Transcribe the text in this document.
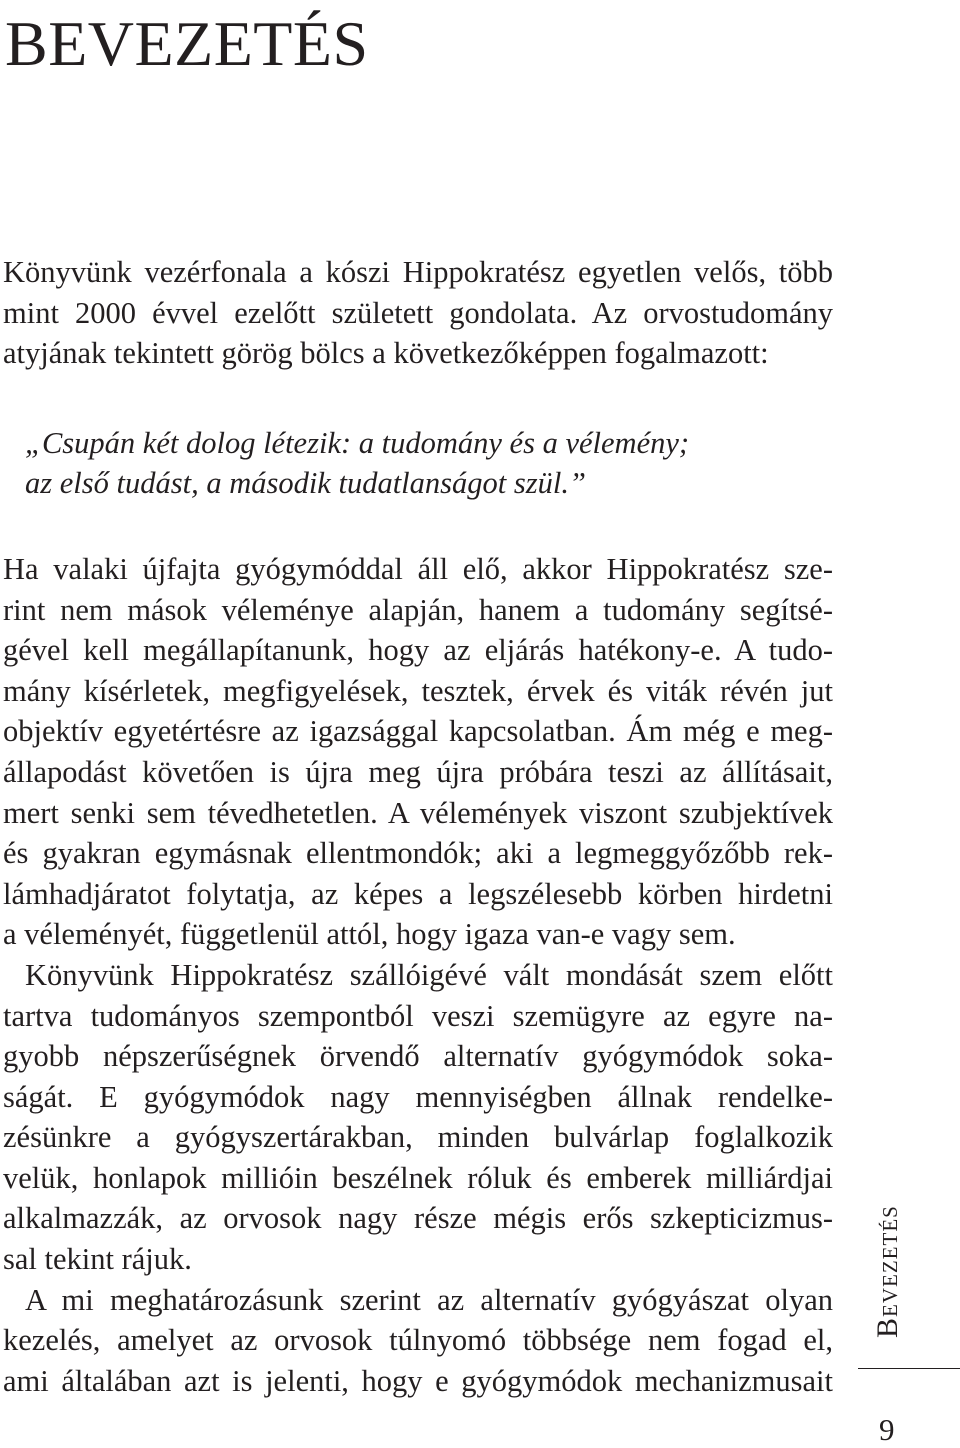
BEVEZETÉS

Könyvünk vezérfonala a kószi Hippokratész egyetlen velős, több
mint 2000 évvel ezelőtt született gondolata. Az orvostudomány
atyjának tekintett görög bölcs a következőképpen fogalmazott:

„Csupán két dolog létezik: a tudomány és a vélemény;
az első tudást, a második tudatlanságot szül.”

Ha valaki újfajta gyógymóddal áll elő, akkor Hippokratész sze-
rint nem mások véleménye alapján, hanem a tudomány segítsé-
gével kell megállapítanunk, hogy az eljárás hatékony-e. A tudo-
mány kísérletek, megfigyelések, tesztek, érvek és viták révén jut
objektív egyetértésre az igazsággal kapcsolatban. Ám még e meg-
állapodást követően is újra meg újra próbára teszi az állításait,
mert senki sem tévedhetetlen. A vélemények viszont szubjektívek
és gyakran egymásnak ellentmondók; aki a legmeggyőzőbb rek-
lámhadjáratot folytatja, az képes a legszélesebb körben hirdetni
a véleményét, függetlenül attól, hogy igaza van-e vagy sem.

Könyvünk Hippokratész szállóigévé vált mondását szem előtt
tartva tudományos szempontból veszi szemügyre az egyre na-
gyobb népszerűségnek örvendő alternatív gyógymódok soka-
ságát. E gyógymódok nagy mennyiségben állnak rendelke-
zésünkre a gyógyszertárakban, minden bulvárlap foglalkozik
velük, honlapok millióin beszélnek róluk és emberek milliárdjai
alkalmazzák, az orvosok nagy része mégis erős szkepticizmus-
sal tekint rájuk.

A mi meghatározásunk szerint az alternatív gyógyászat olyan
kezelés, amelyet az orvosok túlnyomó többsége nem fogad el,
ami általában azt is jelenti, hogy e gyógymódok mechanizmusait

Bevezetés
9
